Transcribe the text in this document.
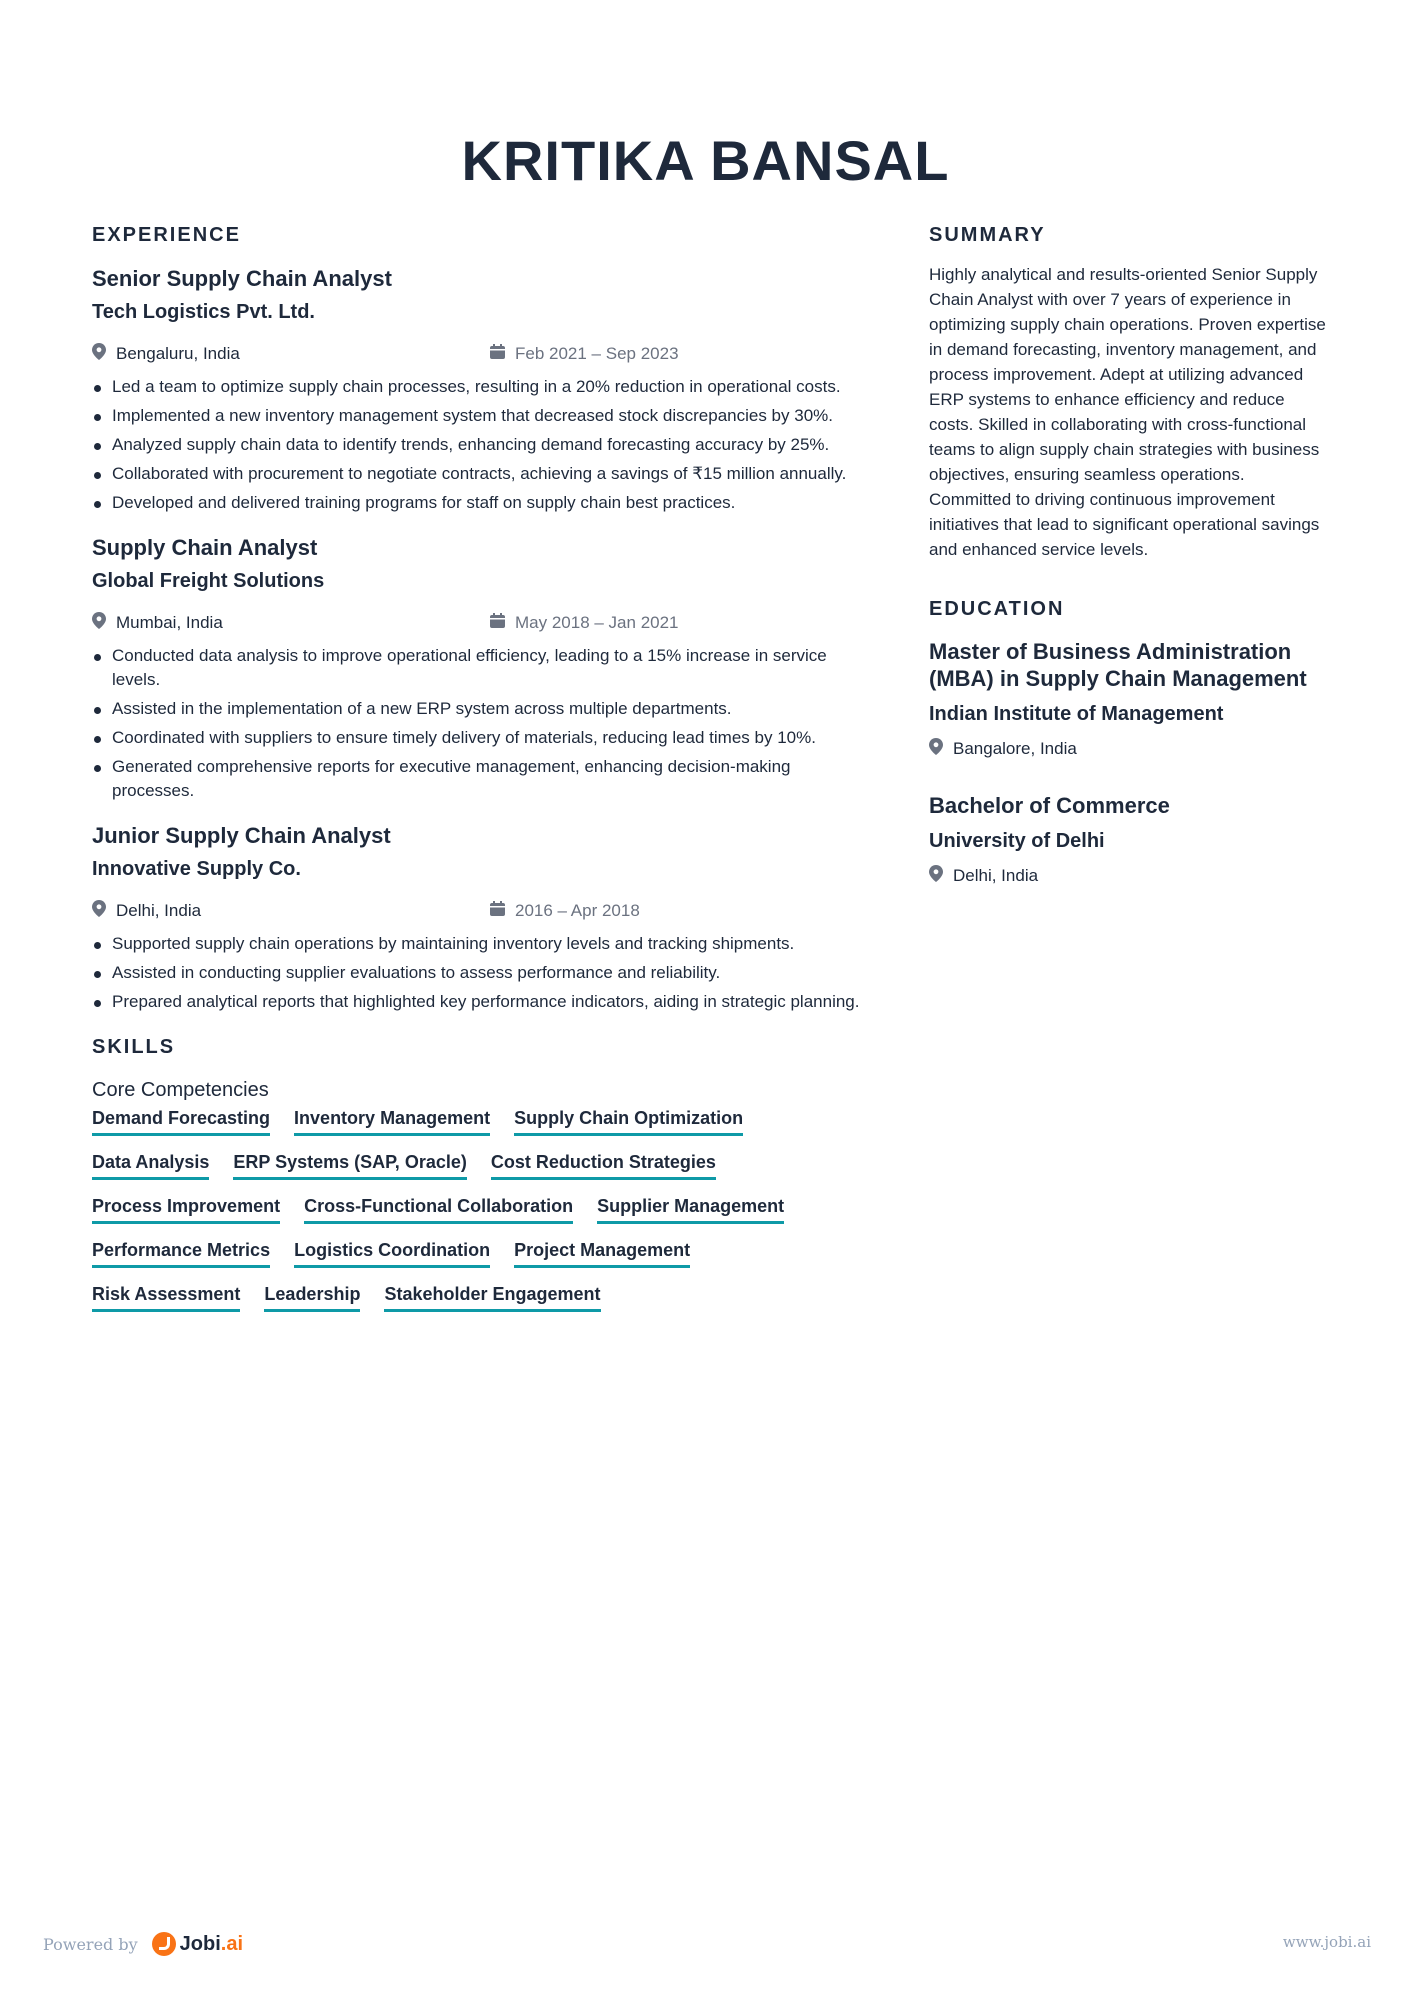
KRITIKA BANSAL
EXPERIENCE
Senior Supply Chain Analyst
Tech Logistics Pvt. Ltd.
Bengaluru, India	Feb 2021 – Sep 2023
Led a team to optimize supply chain processes, resulting in a 20% reduction in operational costs.
Implemented a new inventory management system that decreased stock discrepancies by 30%.
Analyzed supply chain data to identify trends, enhancing demand forecasting accuracy by 25%.
Collaborated with procurement to negotiate contracts, achieving a savings of ₹15 million annually.
Developed and delivered training programs for staff on supply chain best practices.
Supply Chain Analyst
Global Freight Solutions
Mumbai, India	May 2018 – Jan 2021
Conducted data analysis to improve operational efficiency, leading to a 15% increase in service levels.
Assisted in the implementation of a new ERP system across multiple departments.
Coordinated with suppliers to ensure timely delivery of materials, reducing lead times by 10%.
Generated comprehensive reports for executive management, enhancing decision-making processes.
Junior Supply Chain Analyst
Innovative Supply Co.
Delhi, India	2016 – Apr 2018
Supported supply chain operations by maintaining inventory levels and tracking shipments.
Assisted in conducting supplier evaluations to assess performance and reliability.
Prepared analytical reports that highlighted key performance indicators, aiding in strategic planning.
SKILLS
Core Competencies
Demand Forecasting Inventory Management Supply Chain Optimization
Data Analysis ERP Systems (SAP, Oracle) Cost Reduction Strategies
Process Improvement Cross-Functional Collaboration Supplier Management
Performance Metrics Logistics Coordination Project Management
Risk Assessment Leadership Stakeholder Engagement
SUMMARY
Highly analytical and results-oriented Senior Supply Chain Analyst with over 7 years of experience in optimizing supply chain operations. Proven expertise in demand forecasting, inventory management, and process improvement. Adept at utilizing advanced ERP systems to enhance efficiency and reduce costs. Skilled in collaborating with cross-functional teams to align supply chain strategies with business objectives, ensuring seamless operations. Committed to driving continuous improvement initiatives that lead to significant operational savings and enhanced service levels.
EDUCATION
Master of Business Administration (MBA) in Supply Chain Management
Indian Institute of Management
Bangalore, India
Bachelor of Commerce
University of Delhi
Delhi, India
Powered by Jobi.ai	www.jobi.ai
